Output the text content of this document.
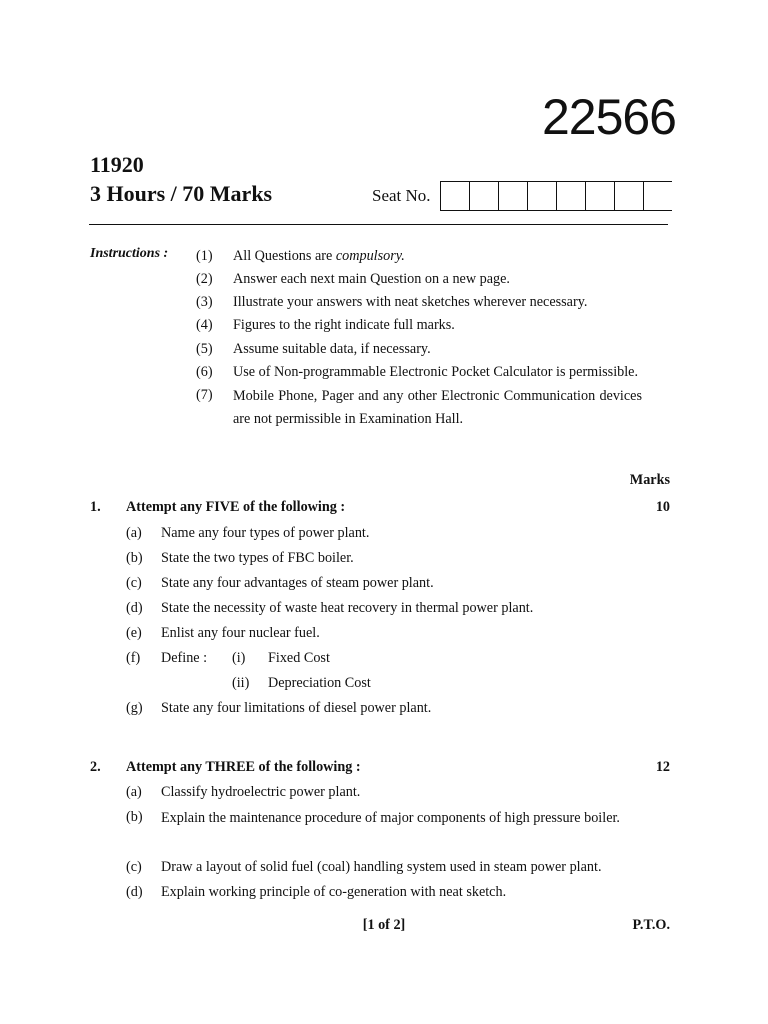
22566
11920
3 Hours / 70 Marks	Seat No.
Instructions : (1) All Questions are compulsory.
(2) Answer each next main Question on a new page.
(3) Illustrate your answers with neat sketches wherever necessary.
(4) Figures to the right indicate full marks.
(5) Assume suitable data, if necessary.
(6) Use of Non-programmable Electronic Pocket Calculator is permissible.
(7) Mobile Phone, Pager and any other Electronic Communication devices are not permissible in Examination Hall.
Marks
1. Attempt any FIVE of the following :	10
(a) Name any four types of power plant.
(b) State the two types of FBC boiler.
(c) State any four advantages of steam power plant.
(d) State the necessity of waste heat recovery in thermal power plant.
(e) Enlist any four nuclear fuel.
(f) Define : (i) Fixed Cost
(ii) Depreciation Cost
(g) State any four limitations of diesel power plant.
2. Attempt any THREE of the following :	12
(a) Classify hydroelectric power plant.
(b) Explain the maintenance procedure of major components of high pressure boiler.
(c) Draw a layout of solid fuel (coal) handling system used in steam power plant.
(d) Explain working principle of co-generation with neat sketch.
[1 of 2]	P.T.O.
